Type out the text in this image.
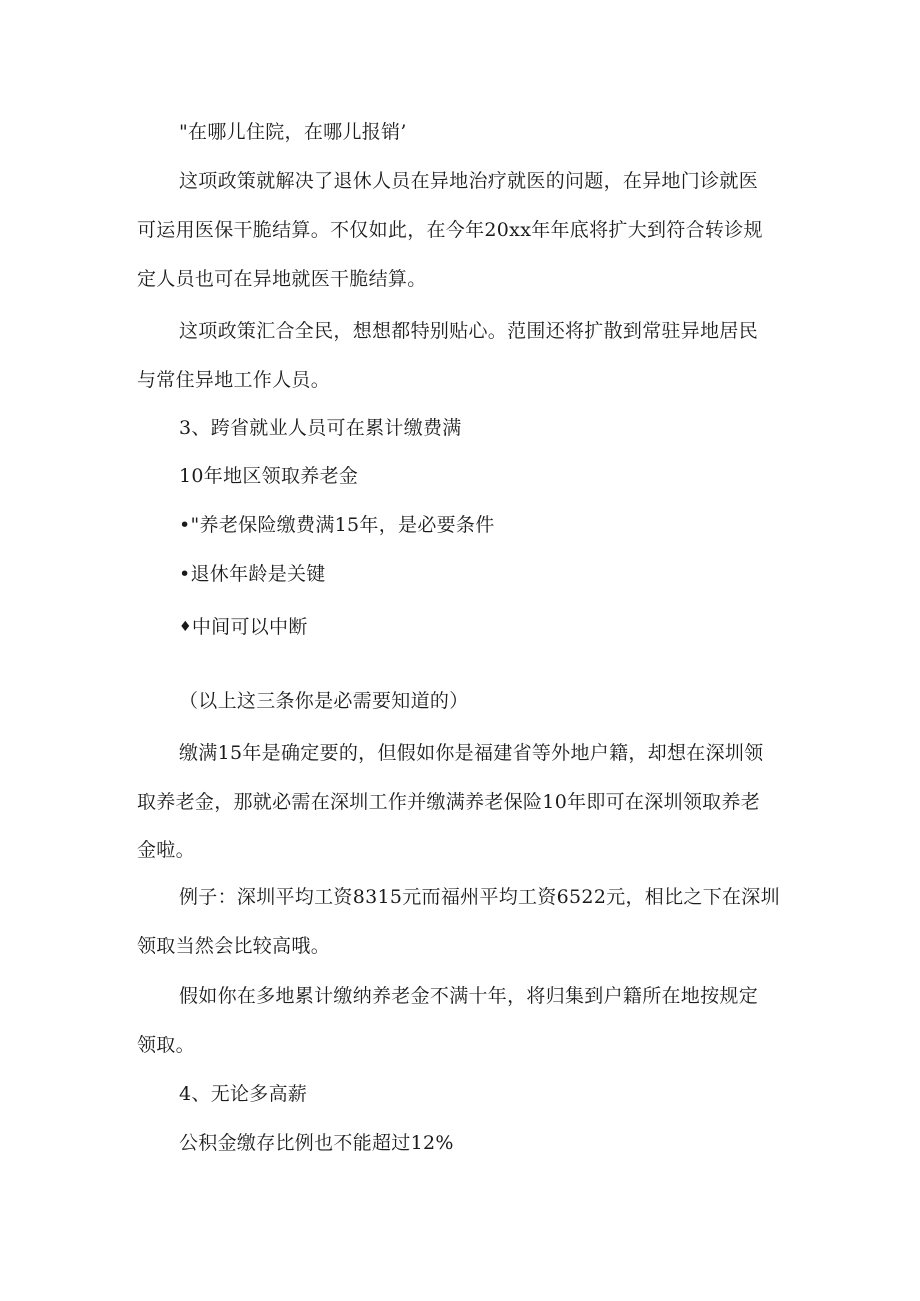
"在哪儿住院，在哪儿报销’
这项政策就解决了退休人员在异地治疗就医的问题，在异地门诊就医
可运用医保干脆结算。不仅如此，在今年20xx年年底将扩大到符合转诊规
定人员也可在异地就医干脆结算。
这项政策汇合全民，想想都特别贴心。范围还将扩散到常驻异地居民
与常住异地工作人员。
3、跨省就业人员可在累计缴费满
10年地区领取养老金
•"养老保险缴费满15年，是必要条件
•退休年龄是关键
♦中间可以中断
（以上这三条你是必需要知道的）
缴满15年是确定要的，但假如你是福建省等外地户籍，却想在深圳领
取养老金，那就必需在深圳工作并缴满养老保险10年即可在深圳领取养老
金啦。
例子：深圳平均工资8315元而福州平均工资6522元，相比之下在深圳
领取当然会比较高哦。
假如你在多地累计缴纳养老金不满十年，将归集到户籍所在地按规定
领取。
4、无论多高薪
公积金缴存比例也不能超过12%
